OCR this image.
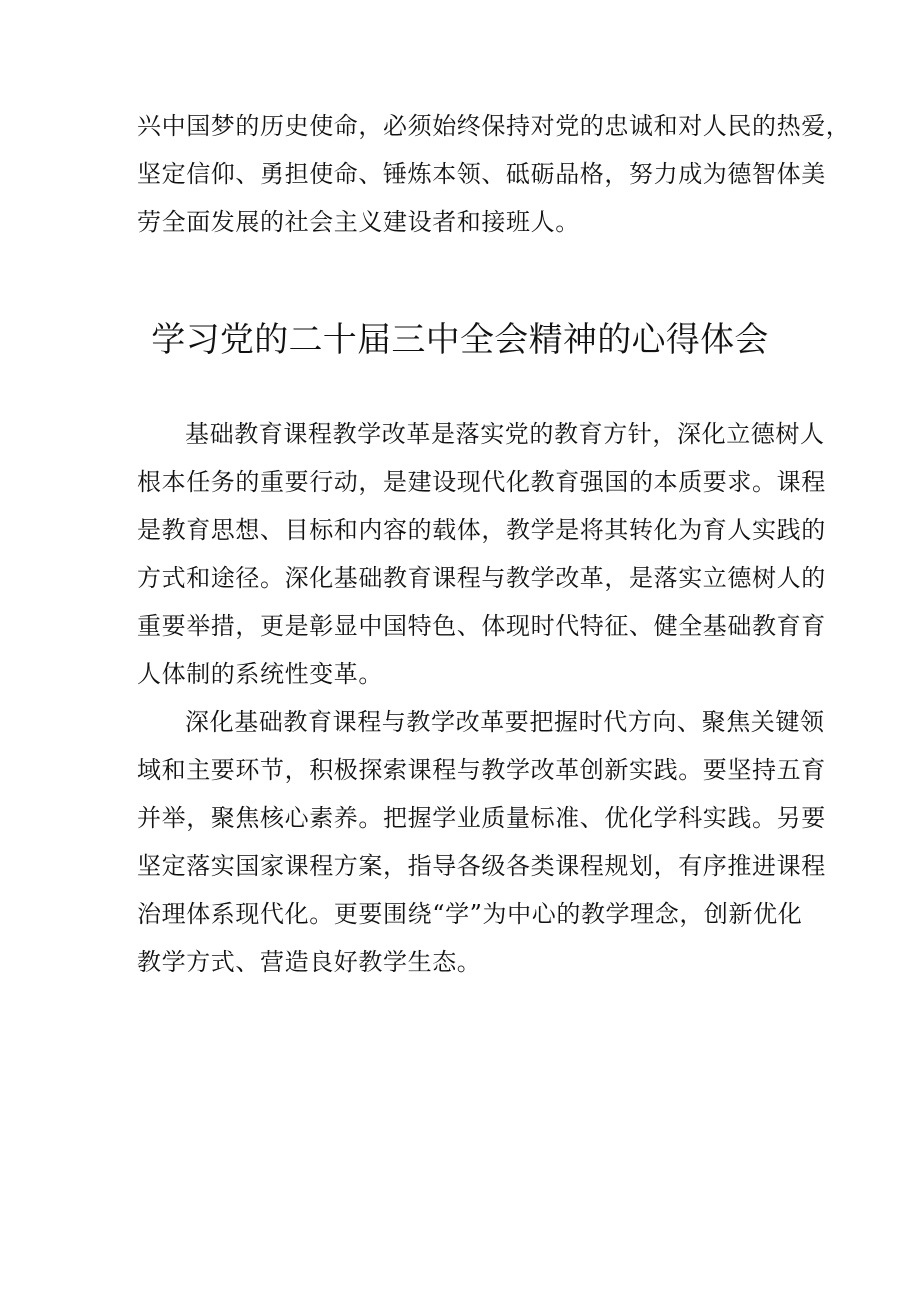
兴中国梦的历史使命，必须始终保持对党的忠诚和对人民的热爱，
坚定信仰、勇担使命、锤炼本领、砥砺品格，努力成为德智体美
劳全面发展的社会主义建设者和接班人。
学习党的二十届三中全会精神的心得体会
基础教育课程教学改革是落实党的教育方针，深化立德树人
根本任务的重要行动，是建设现代化教育强国的本质要求。课程
是教育思想、目标和内容的载体，教学是将其转化为育人实践的
方式和途径。深化基础教育课程与教学改革，是落实立德树人的
重要举措，更是彰显中国特色、体现时代特征、健全基础教育育
人体制的系统性变革。
深化基础教育课程与教学改革要把握时代方向、聚焦关键领
域和主要环节，积极探索课程与教学改革创新实践。要坚持五育
并举，聚焦核心素养。把握学业质量标准、优化学科实践。另要
坚定落实国家课程方案，指导各级各类课程规划，有序推进课程
治理体系现代化。更要围绕“学”为中心的教学理念，创新优化
教学方式、营造良好教学生态。
